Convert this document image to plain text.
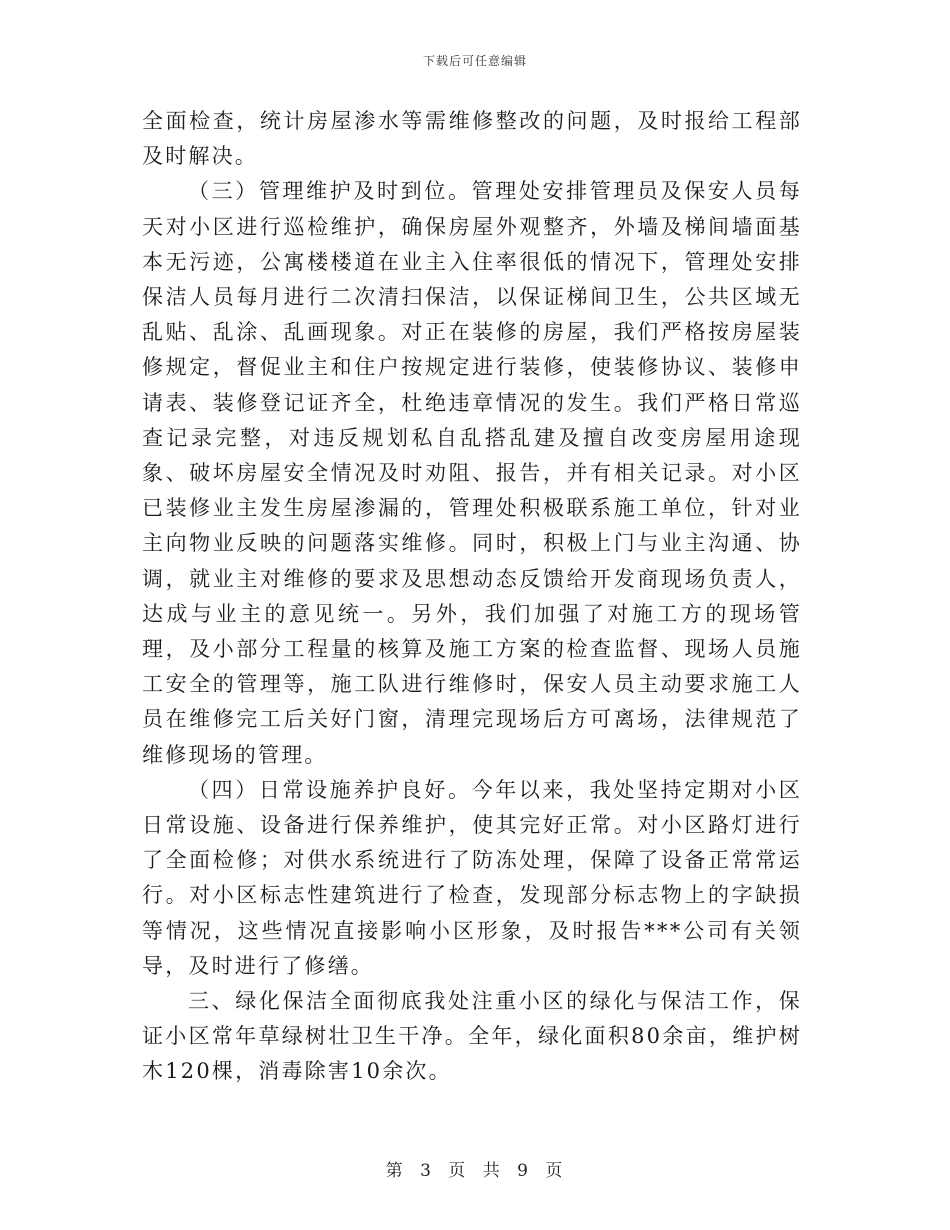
下载后可任意编辑

全面检查，统计房屋渗水等需维修整改的问题，及时报给工程部及时解决。

（三）管理维护及时到位。管理处安排管理员及保安人员每天对小区进行巡检维护，确保房屋外观整齐，外墙及梯间墙面基本无污迹，公寓楼楼道在业主入住率很低的情况下，管理处安排保洁人员每月进行二次清扫保洁，以保证梯间卫生，公共区域无乱贴、乱涂、乱画现象。对正在装修的房屋，我们严格按房屋装修规定，督促业主和住户按规定进行装修，使装修协议、装修申请表、装修登记证齐全，杜绝违章情况的发生。我们严格日常巡查记录完整，对违反规划私自乱搭乱建及擅自改变房屋用途现象、破坏房屋安全情况及时劝阻、报告，并有相关记录。对小区已装修业主发生房屋渗漏的，管理处积极联系施工单位，针对业主向物业反映的问题落实维修。同时，积极上门与业主沟通、协调，就业主对维修的要求及思想动态反馈给开发商现场负责人，达成与业主的意见统一。另外，我们加强了对施工方的现场管理，及小部分工程量的核算及施工方案的检查监督、现场人员施工安全的管理等，施工队进行维修时，保安人员主动要求施工人员在维修完工后关好门窗，清理完现场后方可离场，法律规范了维修现场的管理。

（四）日常设施养护良好。今年以来，我处坚持定期对小区日常设施、设备进行保养维护，使其完好正常。对小区路灯进行了全面检修；对供水系统进行了防冻处理，保障了设备正常常运行。对小区标志性建筑进行了检查，发现部分标志物上的字缺损等情况，这些情况直接影响小区形象，及时报告***公司有关领导，及时进行了修缮。

三、绿化保洁全面彻底我处注重小区的绿化与保洁工作，保证小区常年草绿树壮卫生干净。全年，绿化面积80余亩，维护树木120棵，消毒除害10余次。

第 3 页 共 9 页
